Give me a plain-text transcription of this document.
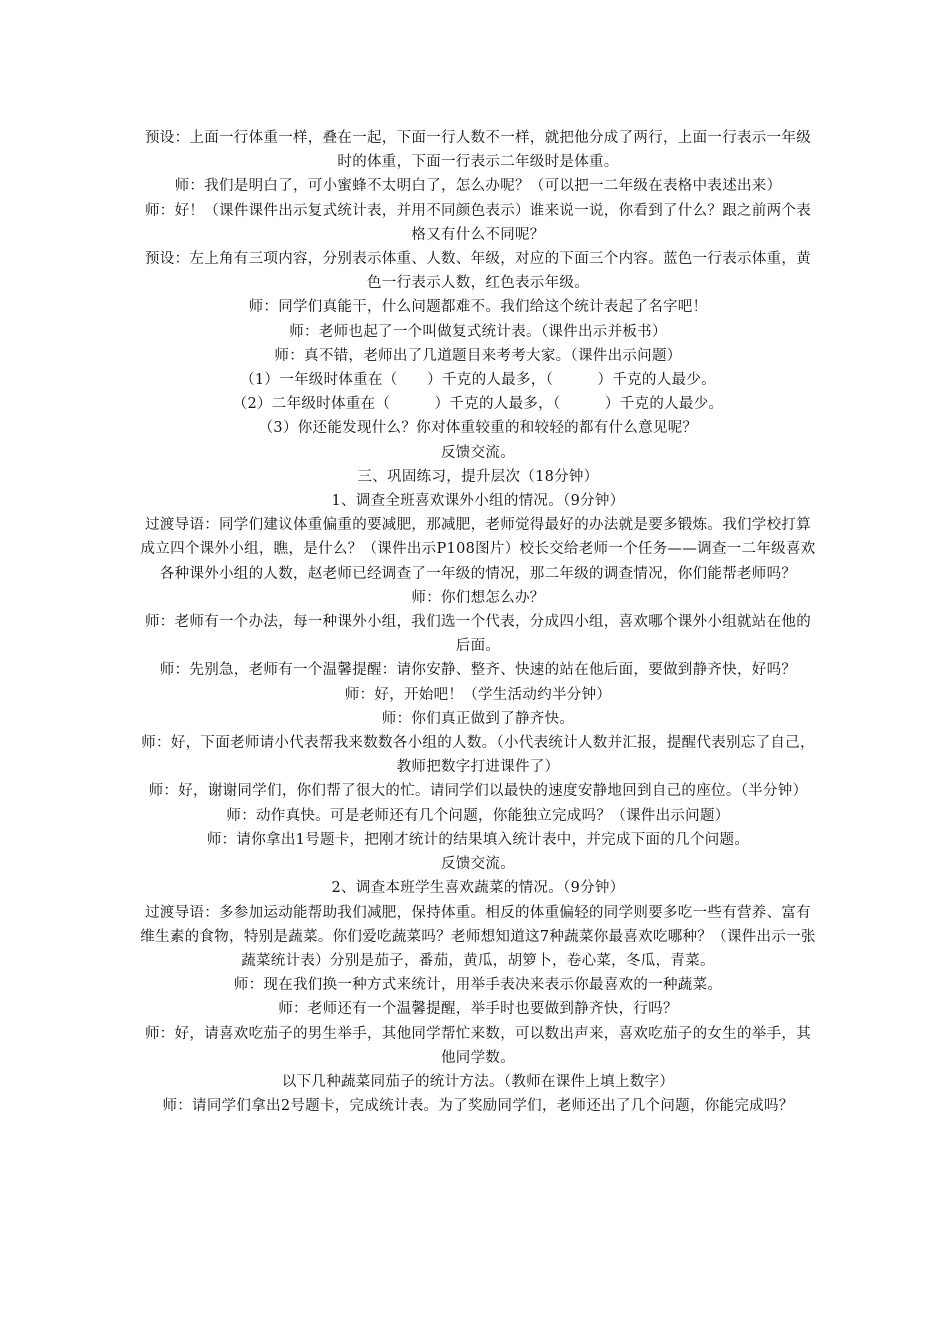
预设：上面一行体重一样，叠在一起，下面一行人数不一样，就把他分成了两行，上面一行表示一年级时的体重，下面一行表示二年级时是体重。

师：我们是明白了，可小蜜蜂不太明白了，怎么办呢？（可以把一二年级在表格中表述出来）

师：好！（课件课件出示复式统计表，并用不同颜色表示）谁来说一说，你看到了什么？跟之前两个表格又有什么不同呢？

预设：左上角有三项内容，分别表示体重、人数、年级，对应的下面三个内容。蓝色一行表示体重，黄色一行表示人数，红色表示年级。

师：同学们真能干，什么问题都难不。我们给这个统计表起了名字吧！

师：老师也起了一个叫做复式统计表。（课件出示并板书）

师：真不错，老师出了几道题目来考考大家。（课件出示问题）

（1）一年级时体重在（　　）千克的人最多，（　　　）千克的人最少。

（2）二年级时体重在（　　　）千克的人最多，（　　　）千克的人最少。

（3）你还能发现什么？你对体重较重的和较轻的都有什么意见呢？

反馈交流。

三、巩固练习，提升层次（18分钟）

1、调查全班喜欢课外小组的情况。（9分钟）

过渡导语：同学们建议体重偏重的要减肥，那减肥，老师觉得最好的办法就是要多锻炼。我们学校打算成立四个课外小组，瞧，是什么？（课件出示P108图片）校长交给老师一个任务——调查一二年级喜欢各种课外小组的人数，赵老师已经调查了一年级的情况，那二年级的调查情况，你们能帮老师吗？

师：你们想怎么办？

师：老师有一个办法，每一种课外小组，我们选一个代表，分成四小组，喜欢哪个课外小组就站在他的后面。

师：先别急，老师有一个温馨提醒：请你安静、整齐、快速的站在他后面，要做到静齐快，好吗？

师：好，开始吧！（学生活动约半分钟）

师：你们真正做到了静齐快。

师：好，下面老师请小代表帮我来数数各小组的人数。（小代表统计人数并汇报，提醒代表别忘了自己，教师把数字打进课件了）

师：好，谢谢同学们，你们帮了很大的忙。请同学们以最快的速度安静地回到自己的座位。（半分钟）

师：动作真快。可是老师还有几个问题，你能独立完成吗？（课件出示问题）

师：请你拿出1号题卡，把刚才统计的结果填入统计表中，并完成下面的几个问题。

反馈交流。

2、调查本班学生喜欢蔬菜的情况。（9分钟）

过渡导语：多参加运动能帮助我们减肥，保持体重。相反的体重偏轻的同学则要多吃一些有营养、富有维生素的食物，特别是蔬菜。你们爱吃蔬菜吗？老师想知道这7种蔬菜你最喜欢吃哪种？（课件出示一张蔬菜统计表）分别是茄子，番茄，黄瓜，胡箩卜，卷心菜，冬瓜，青菜。

师：现在我们换一种方式来统计，用举手表决来表示你最喜欢的一种蔬菜。

师：老师还有一个温馨提醒，举手时也要做到静齐快，行吗？

师：好，请喜欢吃茄子的男生举手，其他同学帮忙来数，可以数出声来，喜欢吃茄子的女生的举手，其他同学数。

以下几种蔬菜同茄子的统计方法。（教师在课件上填上数字）

师：请同学们拿出2号题卡，完成统计表。为了奖励同学们，老师还出了几个问题，你能完成吗？
